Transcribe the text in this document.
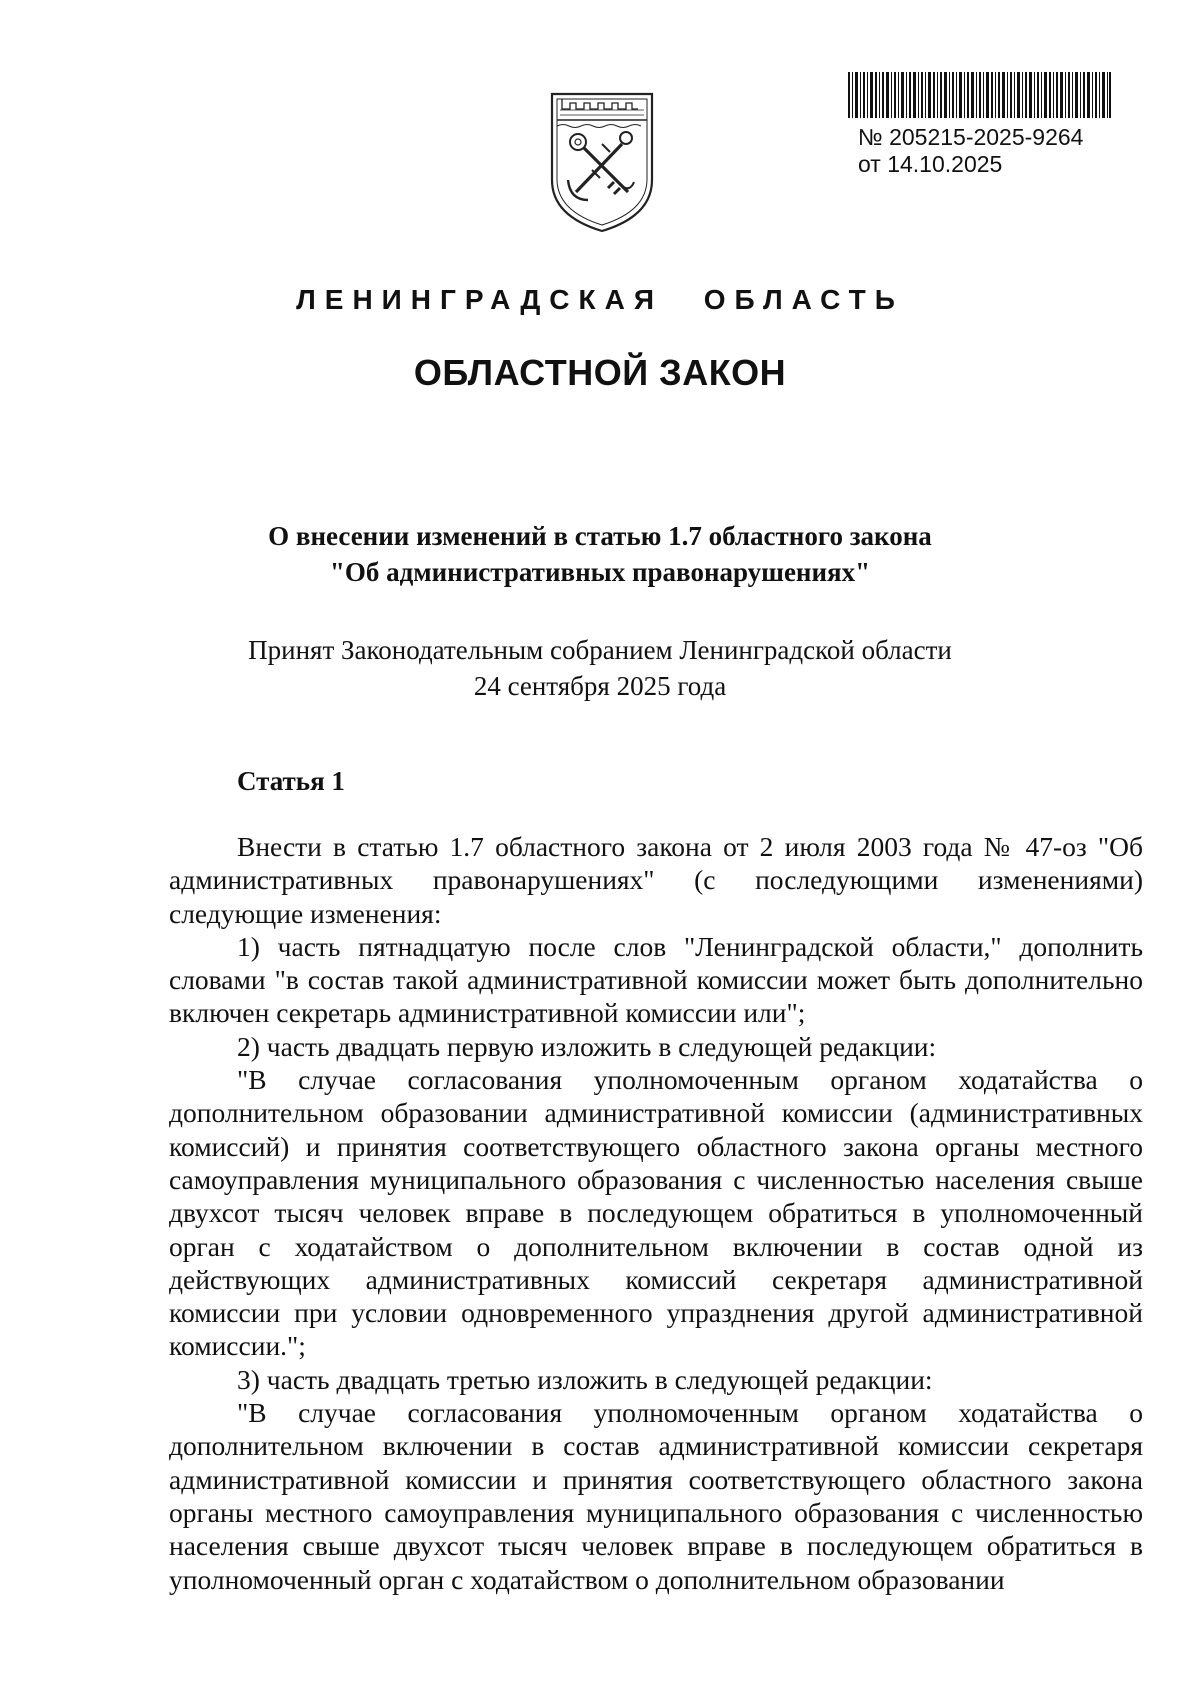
№ 205215-2025-9264
от 14.10.2025
ЛЕНИНГРАДСКАЯ ОБЛАСТЬ
ОБЛАСТНОЙ ЗАКОН
О внесении изменений в статью 1.7 областного закона
"Об административных правонарушениях"
Принят Законодательным собранием Ленинградской области
24 сентября 2025 года
Статья 1

Внести в статью 1.7 областного закона от 2 июля 2003 года № 47-оз "Об административных правонарушениях" (с последующими изменениями) следующие изменения:

1) часть пятнадцатую после слов "Ленинградской области," дополнить словами "в состав такой административной комиссии может быть дополнительно включен секретарь административной комиссии или";

2) часть двадцать первую изложить в следующей редакции:

"В случае согласования уполномоченным органом ходатайства о дополнительном образовании административной комиссии (административных комиссий) и принятия соответствующего областного закона органы местного самоуправления муниципального образования с численностью населения свыше двухсот тысяч человек вправе в последующем обратиться в уполномоченный орган с ходатайством о дополнительном включении в состав одной из действующих административных комиссий секретаря административной комиссии при условии одновременного упразднения другой административной комиссии.";

3) часть двадцать третью изложить в следующей редакции:

"В случае согласования уполномоченным органом ходатайства о дополнительном включении в состав административной комиссии секретаря административной комиссии и принятия соответствующего областного закона органы местного самоуправления муниципального образования с численностью населения свыше двухсот тысяч человек вправе в последующем обратиться в уполномоченный орган с ходатайством о дополнительном образовании
